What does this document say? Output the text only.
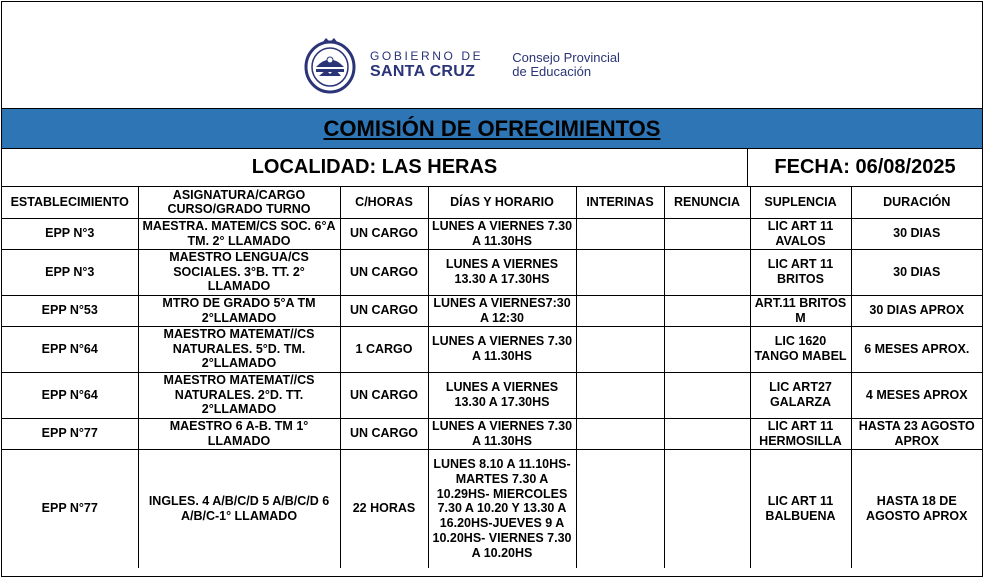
GOBIERNO DE
SANTA CRUZ
Consejo Provincial
de Educación
COMISIÓN DE OFRECIMIENTOS
LOCALIDAD: LAS HERAS	FECHA: 06/08/2025
ESTABLECIMIENTO	ASIGNATURA/CARGO CURSO/GRADO TURNO	C/HORAS	DÍAS Y HORARIO	INTERINAS	RENUNCIA	SUPLENCIA	DURACIÓN
EPP N°3	MAESTRA. MATEM/CS SOC. 6°A TM. 2° LLAMADO	UN CARGO	LUNES A VIERNES 7.30 A 11.30HS			LIC ART 11 AVALOS	30 DIAS
EPP N°3	MAESTRO LENGUA/CS SOCIALES. 3°B. TT. 2° LLAMADO	UN CARGO	LUNES A VIERNES 13.30 A 17.30HS			LIC ART 11 BRITOS	30 DIAS
EPP N°53	MTRO DE GRADO 5°A TM 2°LLAMADO	UN CARGO	LUNES A VIERNES7:30 A 12:30			ART.11 BRITOS M	30 DIAS APROX
EPP N°64	MAESTRO MATEMAT//CS NATURALES. 5°D. TM. 2°LLAMADO	1 CARGO	LUNES A VIERNES 7.30 A 11.30HS			LIC 1620 TANGO MABEL	6 MESES APROX.
EPP N°64	MAESTRO MATEMAT//CS NATURALES. 2°D. TT. 2°LLAMADO	UN CARGO	LUNES A VIERNES 13.30 A 17.30HS			LIC ART27 GALARZA	4 MESES APROX
EPP N°77	MAESTRO 6 A-B. TM 1° LLAMADO	UN CARGO	LUNES A VIERNES 7.30 A 11.30HS			LIC ART 11 HERMOSILLA	HASTA 23 AGOSTO APROX
EPP N°77	INGLES. 4 A/B/C/D 5 A/B/C/D 6 A/B/C-1° LLAMADO	22 HORAS	LUNES 8.10 A 11.10HS- MARTES 7.30 A 10.29HS- MIERCOLES 7.30 A 10.20 Y 13.30 A 16.20HS-JUEVES 9 A 10.20HS- VIERNES 7.30 A 10.20HS			LIC ART 11 BALBUENA	HASTA 18 DE AGOSTO APROX
